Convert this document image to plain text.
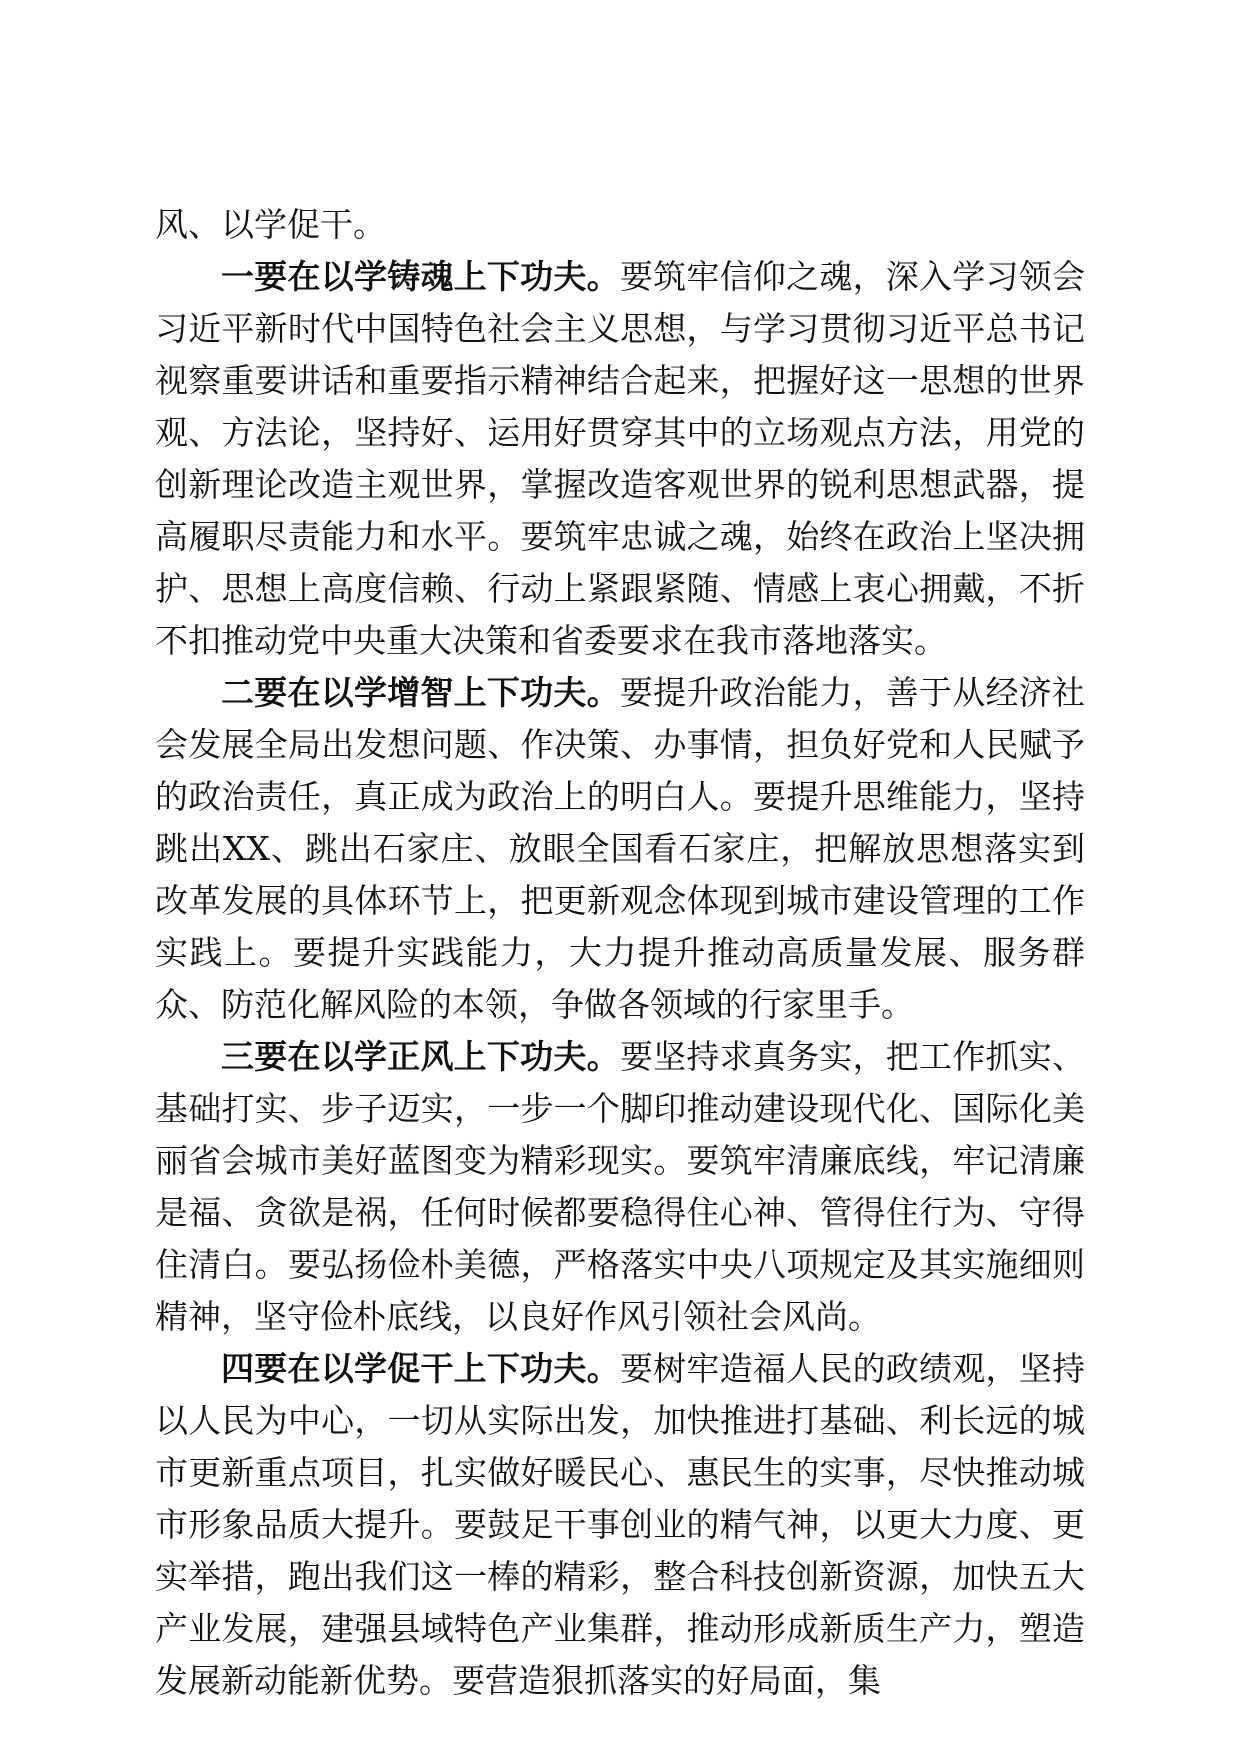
风、以学促干。

一要在以学铸魂上下功夫。要筑牢信仰之魂，深入学习领会习近平新时代中国特色社会主义思想，与学习贯彻习近平总书记视察重要讲话和重要指示精神结合起来，把握好这一思想的世界观、方法论，坚持好、运用好贯穿其中的立场观点方法，用党的创新理论改造主观世界，掌握改造客观世界的锐利思想武器，提高履职尽责能力和水平。要筑牢忠诚之魂，始终在政治上坚决拥护、思想上高度信赖、行动上紧跟紧随、情感上衷心拥戴，不折不扣推动党中央重大决策和省委要求在我市落地落实。

二要在以学增智上下功夫。要提升政治能力，善于从经济社会发展全局出发想问题、作决策、办事情，担负好党和人民赋予的政治责任，真正成为政治上的明白人。要提升思维能力，坚持跳出XX、跳出石家庄、放眼全国看石家庄，把解放思想落实到改革发展的具体环节上，把更新观念体现到城市建设管理的工作实践上。要提升实践能力，大力提升推动高质量发展、服务群众、防范化解风险的本领，争做各领域的行家里手。

三要在以学正风上下功夫。要坚持求真务实，把工作抓实、基础打实、步子迈实，一步一个脚印推动建设现代化、国际化美丽省会城市美好蓝图变为精彩现实。要筑牢清廉底线，牢记清廉是福、贪欲是祸，任何时候都要稳得住心神、管得住行为、守得住清白。要弘扬俭朴美德，严格落实中央八项规定及其实施细则精神，坚守俭朴底线，以良好作风引领社会风尚。

四要在以学促干上下功夫。要树牢造福人民的政绩观，坚持以人民为中心，一切从实际出发，加快推进打基础、利长远的城市更新重点项目，扎实做好暖民心、惠民生的实事，尽快推动城市形象品质大提升。要鼓足干事创业的精气神，以更大力度、更实举措，跑出我们这一棒的精彩，整合科技创新资源，加快五大产业发展，建强县域特色产业集群，推动形成新质生产力，塑造发展新动能新优势。要营造狠抓落实的好局面，集
